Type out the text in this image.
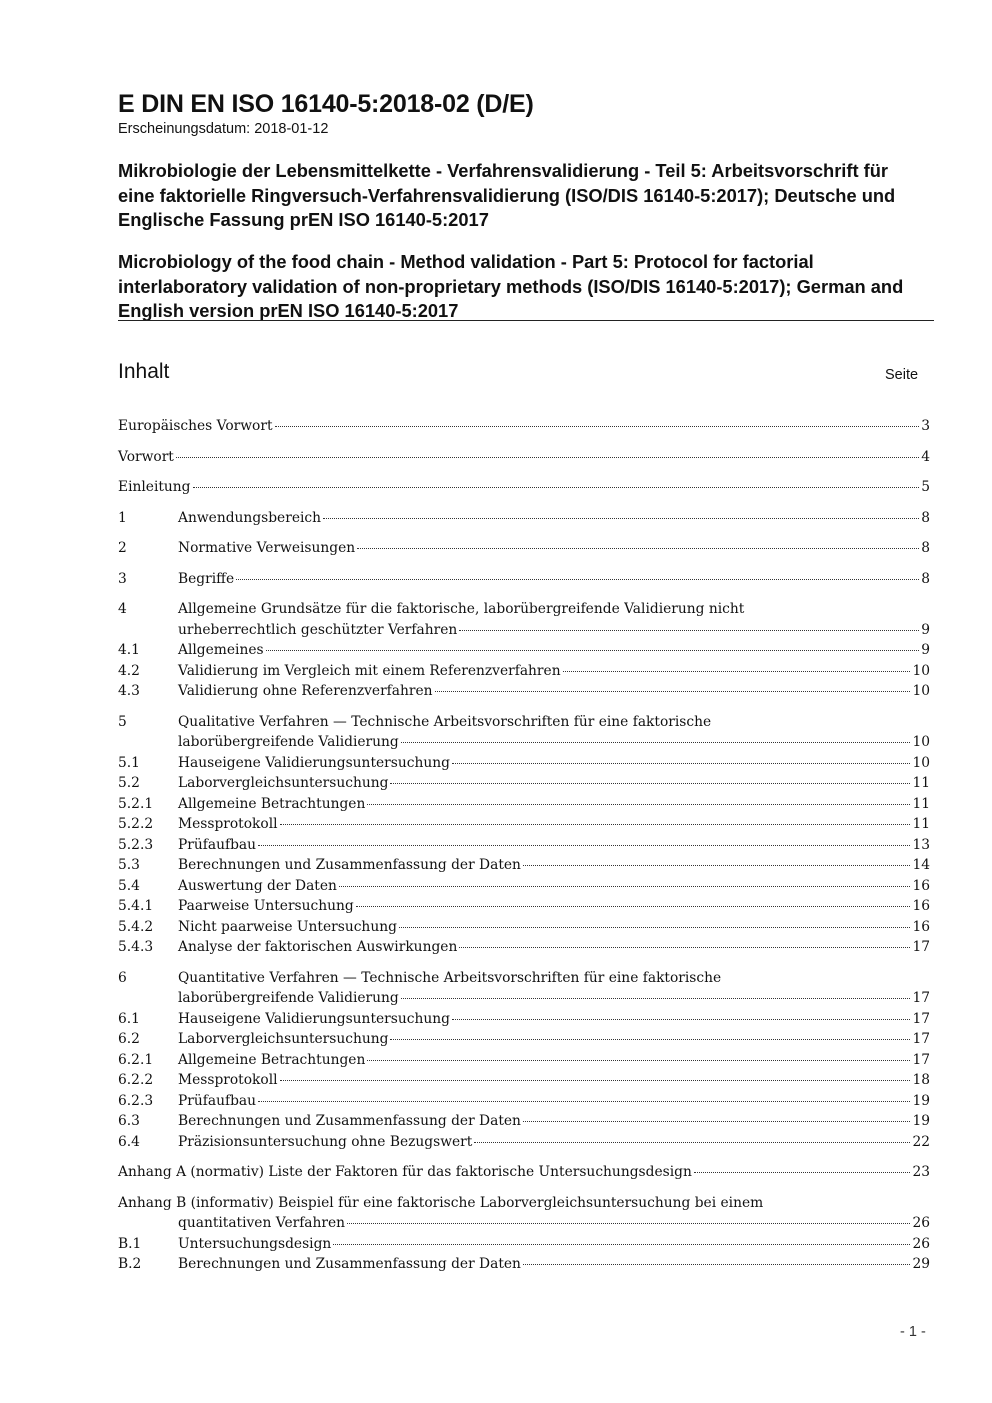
E DIN EN ISO 16140-5:2018-02 (D/E)
Erscheinungsdatum: 2018-01-12
Mikrobiologie der Lebensmittelkette - Verfahrensvalidierung - Teil 5: Arbeitsvorschrift für eine faktorielle Ringversuch-Verfahrensvalidierung (ISO/DIS 16140-5:2017); Deutsche und Englische Fassung prEN ISO 16140-5:2017
Microbiology of the food chain - Method validation - Part 5: Protocol for factorial interlaboratory validation of non-proprietary methods (ISO/DIS 16140-5:2017); German and English version prEN ISO 16140-5:2017
Inhalt	Seite
Europäisches Vorwort	3
Vorwort	4
Einleitung	5
1	Anwendungsbereich	8
2	Normative Verweisungen	8
3	Begriffe	8
4	Allgemeine Grundsätze für die faktorische, laborübergreifende Validierung nicht
urheberrechtlich geschützter Verfahren	9
4.1	Allgemeines	9
4.2	Validierung im Vergleich mit einem Referenzverfahren	10
4.3	Validierung ohne Referenzverfahren	10
5	Qualitative Verfahren — Technische Arbeitsvorschriften für eine faktorische
laborübergreifende Validierung	10
5.1	Hauseigene Validierungsuntersuchung	10
5.2	Laborvergleichsuntersuchung	11
5.2.1	Allgemeine Betrachtungen	11
5.2.2	Messprotokoll	11
5.2.3	Prüfaufbau	13
5.3	Berechnungen und Zusammenfassung der Daten	14
5.4	Auswertung der Daten	16
5.4.1	Paarweise Untersuchung	16
5.4.2	Nicht paarweise Untersuchung	16
5.4.3	Analyse der faktorischen Auswirkungen	17
6	Quantitative Verfahren — Technische Arbeitsvorschriften für eine faktorische
laborübergreifende Validierung	17
6.1	Hauseigene Validierungsuntersuchung	17
6.2	Laborvergleichsuntersuchung	17
6.2.1	Allgemeine Betrachtungen	17
6.2.2	Messprotokoll	18
6.2.3	Prüfaufbau	19
6.3	Berechnungen und Zusammenfassung der Daten	19
6.4	Präzisionsuntersuchung ohne Bezugswert	22
Anhang A (normativ) Liste der Faktoren für das faktorische Untersuchungsdesign	23
Anhang B (informativ) Beispiel für eine faktorische Laborvergleichsuntersuchung bei einem
quantitativen Verfahren	26
B.1	Untersuchungsdesign	26
B.2	Berechnungen und Zusammenfassung der Daten	29
- 1 -
